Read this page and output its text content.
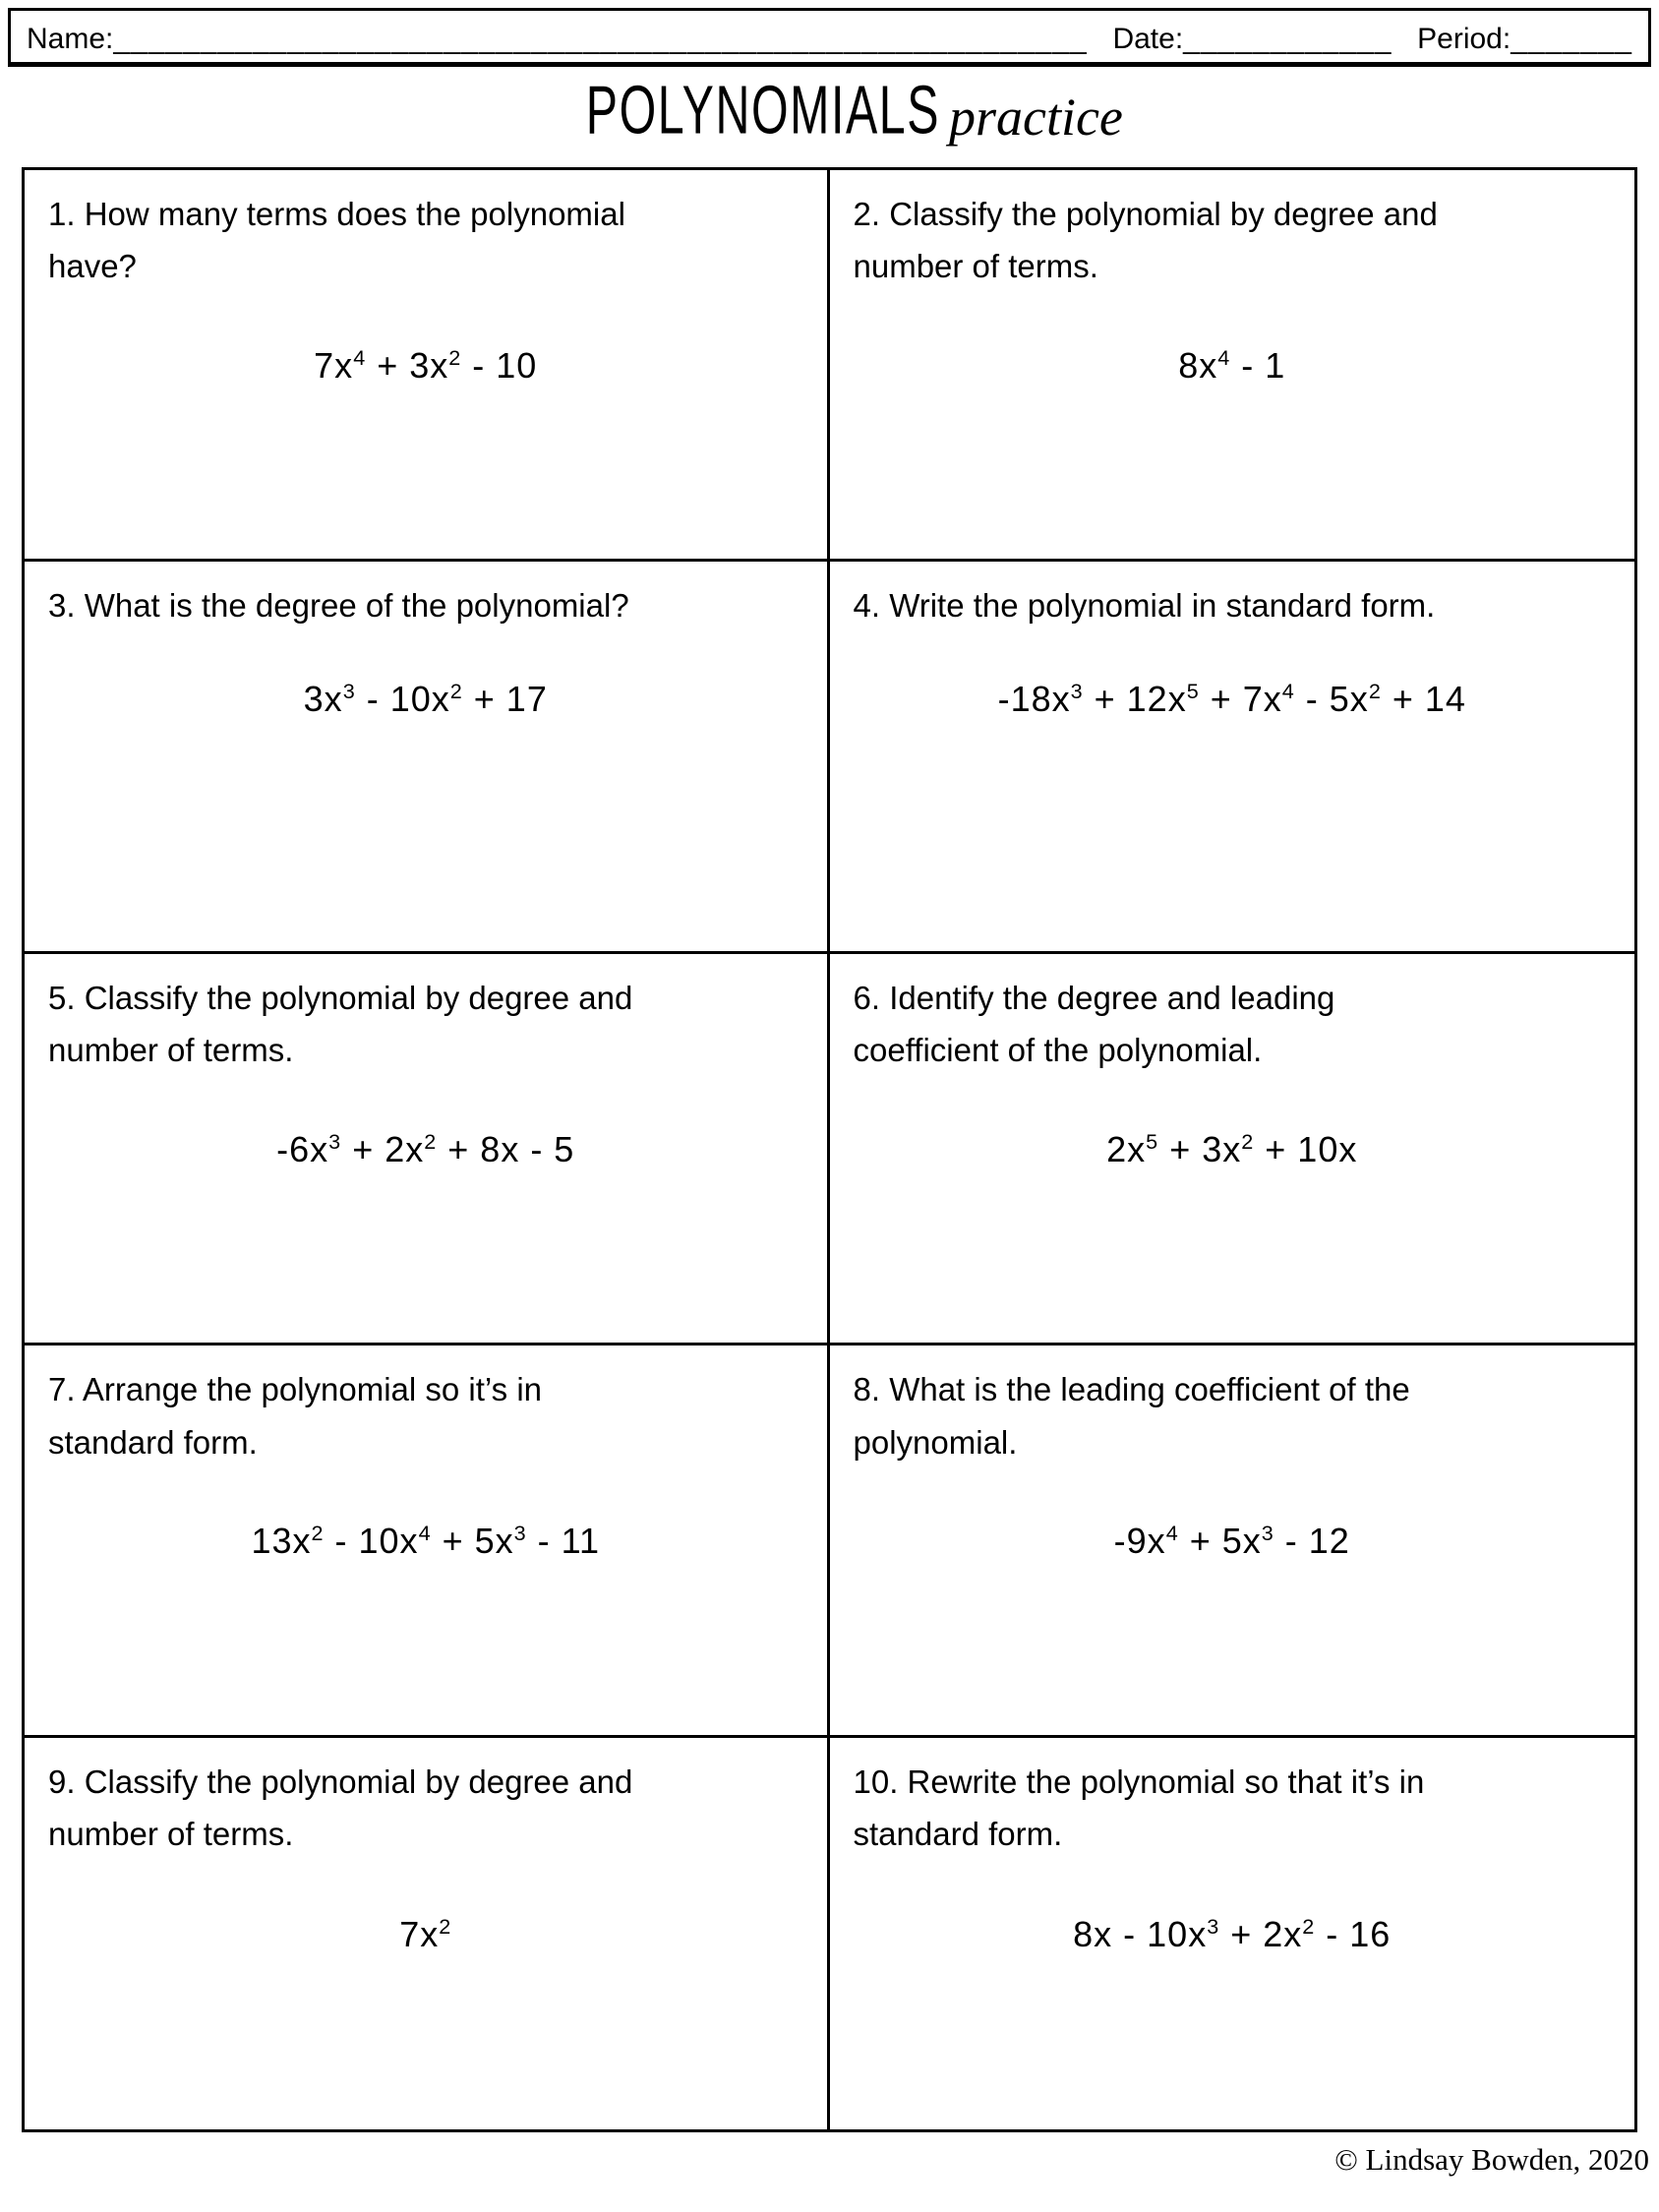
Name:________________________________________________________ Date:____________ Period:_______
POLYNOMIALS practice
1. How many terms does the polynomial
have?
$7x^4 + 3x^2 - 10$
2. Classify the polynomial by degree and
number of terms.
$8x^4 - 1$
3. What is the degree of the polynomial?
$3x^3 - 10x^2 + 17$
4. Write the polynomial in standard form.
$-18x^3 + 12x^5 + 7x^4 - 5x^2 + 14$
5. Classify the polynomial by degree and
number of terms.
$-6x^3 + 2x^2 + 8x - 5$
6. Identify the degree and leading
coefficient of the polynomial.
$2x^5 + 3x^2 + 10x$
7. Arrange the polynomial so it’s in
standard form.
$13x^2 - 10x^4 + 5x^3 - 11$
8. What is the leading coefficient of the
polynomial.
$-9x^4 + 5x^3 - 12$
9. Classify the polynomial by degree and
number of terms.
$7x^2$
10. Rewrite the polynomial so that it’s in
standard form.
$8x - 10x^3 + 2x^2 - 16$
© Lindsay Bowden, 2020
